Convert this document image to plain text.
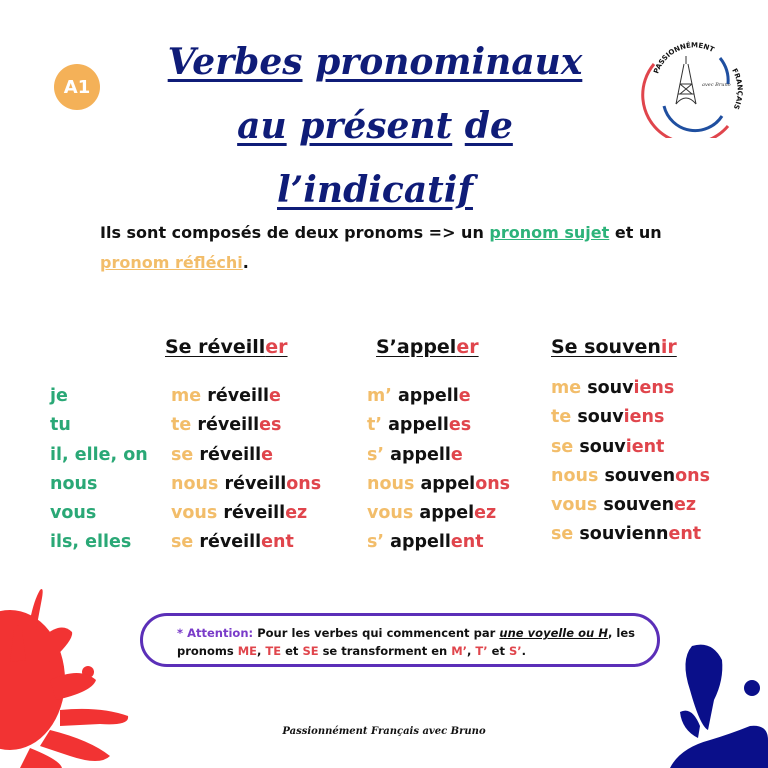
A1
Verbes pronominaux
au présent de l’indicatif
PASSIONNÉMENT
FRANÇAIS
avec Bruno
Ils sont composés de deux pronoms => un pronom sujet et un pronom réfléchi.
Se réveiller	S’appeler	Se souvenir
je
tu
il, elle, on
nous
vous
ils, elles
me réveille
te réveilles
se réveille
nous réveillons
vous réveillez
se réveillent
m’ appelle
t’ appelles
s’ appelle
nous appelons
vous appelez
s’ appellent
me souviens
te souviens
se souvient
nous souvenons
vous souvenez
se souviennent
* Attention: Pour les verbes qui commencent par une voyelle ou H, les pronoms ME, TE et SE se transforment en M’, T’ et S’.
Passionnément Français avec Bruno
